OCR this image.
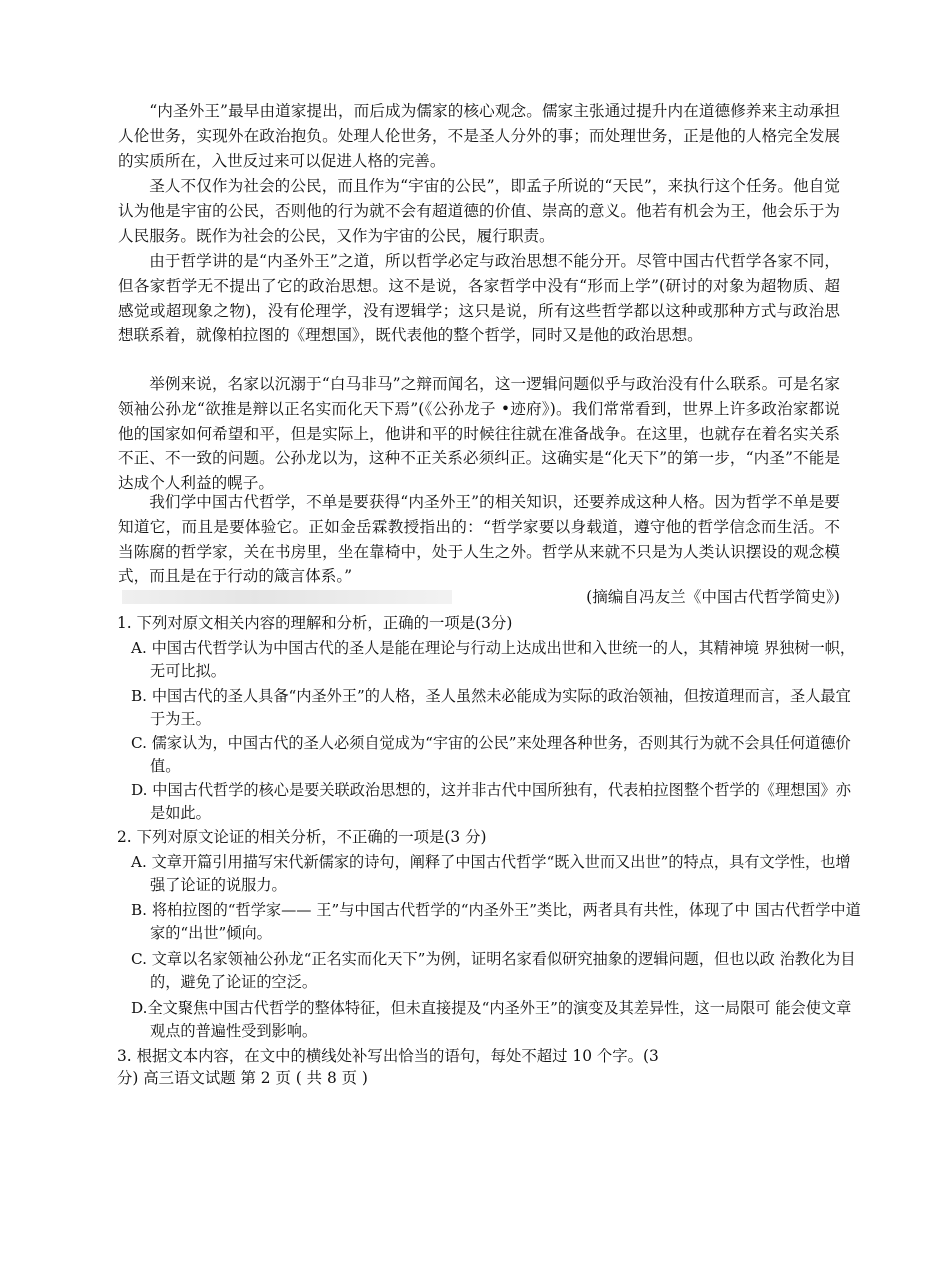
“内圣外王”最早由道家提出，而后成为儒家的核心观念。儒家主张通过提升内在道德修养来主动承担人伦世务，实现外在政治抱负。处理人伦世务，不是圣人分外的事；而处理世务，正是他的人格完全发展的实质所在，入世反过来可以促进人格的完善。

圣人不仅作为社会的公民，而且作为“宇宙的公民”，即孟子所说的“天民”，来执行这个任务。他自觉认为他是宇宙的公民，否则他的行为就不会有超道德的价值、崇高的意义。他若有机会为王，他会乐于为人民服务。既作为社会的公民，又作为宇宙的公民，履行职责。

由于哲学讲的是“内圣外王”之道，所以哲学必定与政治思想不能分开。尽管中国古代哲学各家不同，但各家哲学无不提出了它的政治思想。这不是说，各家哲学中没有“形而上学”(研讨的对象为超物质、超感觉或超现象之物)，没有伦理学，没有逻辑学；这只是说，所有这些哲学都以这种或那种方式与政治思想联系着，就像柏拉图的《理想国》，既代表他的整个哲学，同时又是他的政治思想。

举例来说，名家以沉溺于“白马非马”之辩而闻名，这一逻辑问题似乎与政治没有什么联系。可是名家领袖公孙龙“欲推是辩以正名实而化天下焉”(《公孙龙子 •迹府》)。我们常常看到，世界上许多政治家都说他的国家如何希望和平，但是实际上，他讲和平的时候往往就在准备战争。在这里，也就存在着名实关系不正、不一致的问题。公孙龙以为，这种不正关系必须纠正。这确实是“化天下”的第一步，“内圣”不能是达成个人利益的幌子。

我们学中国古代哲学，不单是要获得“内圣外王”的相关知识，还要养成这种人格。因为哲学不单是要知道它，而且是要体验它。正如金岳霖教授指出的：“哲学家要以身载道，遵守他的哲学信念而生活。不当陈腐的哲学家，关在书房里，坐在靠椅中，处于人生之外。哲学从来就不只是为人类认识摆设的观念模式，而且是在于行动的箴言体系。”

(摘编自冯友兰《中国古代哲学简史》)

1. 下列对原文相关内容的理解和分析，正确的一项是(3分)

A. 中国古代哲学认为中国古代的圣人是能在理论与行动上达成出世和入世统一的人，其精神境 界独树一帜，无可比拟。

B. 中国古代的圣人具备“内圣外王”的人格，圣人虽然未必能成为实际的政治领袖，但按道理而言，圣人最宜于为王。

C. 儒家认为，中国古代的圣人必须自觉成为“宇宙的公民”来处理各种世务，否则其行为就不会具任何道德价值。

D. 中国古代哲学的核心是要关联政治思想的，这并非古代中国所独有，代表柏拉图整个哲学的《理想国》亦是如此。

2. 下列对原文论证的相关分析，不正确的一项是(3 分)

A. 文章开篇引用描写宋代新儒家的诗句，阐释了中国古代哲学“既入世而又出世”的特点，具有文学性，也增强了论证的说服力。

B. 将柏拉图的“哲学家—— 王”与中国古代哲学的“内圣外王”类比，两者具有共性，体现了中 国古代哲学中道家的“出世”倾向。

C. 文章以名家领袖公孙龙“正名实而化天下”为例，证明名家看似研究抽象的逻辑问题，但也以政 治教化为目的，避免了论证的空泛。

D.全文聚焦中国古代哲学的整体特征，但未直接提及“内圣外王”的演变及其差异性，这一局限可 能会使文章观点的普遍性受到影响。

3. 根据文本内容，在文中的横线处补写出恰当的语句，每处不超过 10 个字。(3

分) 高三语文试题 第 2 页 ( 共 8 页 )
